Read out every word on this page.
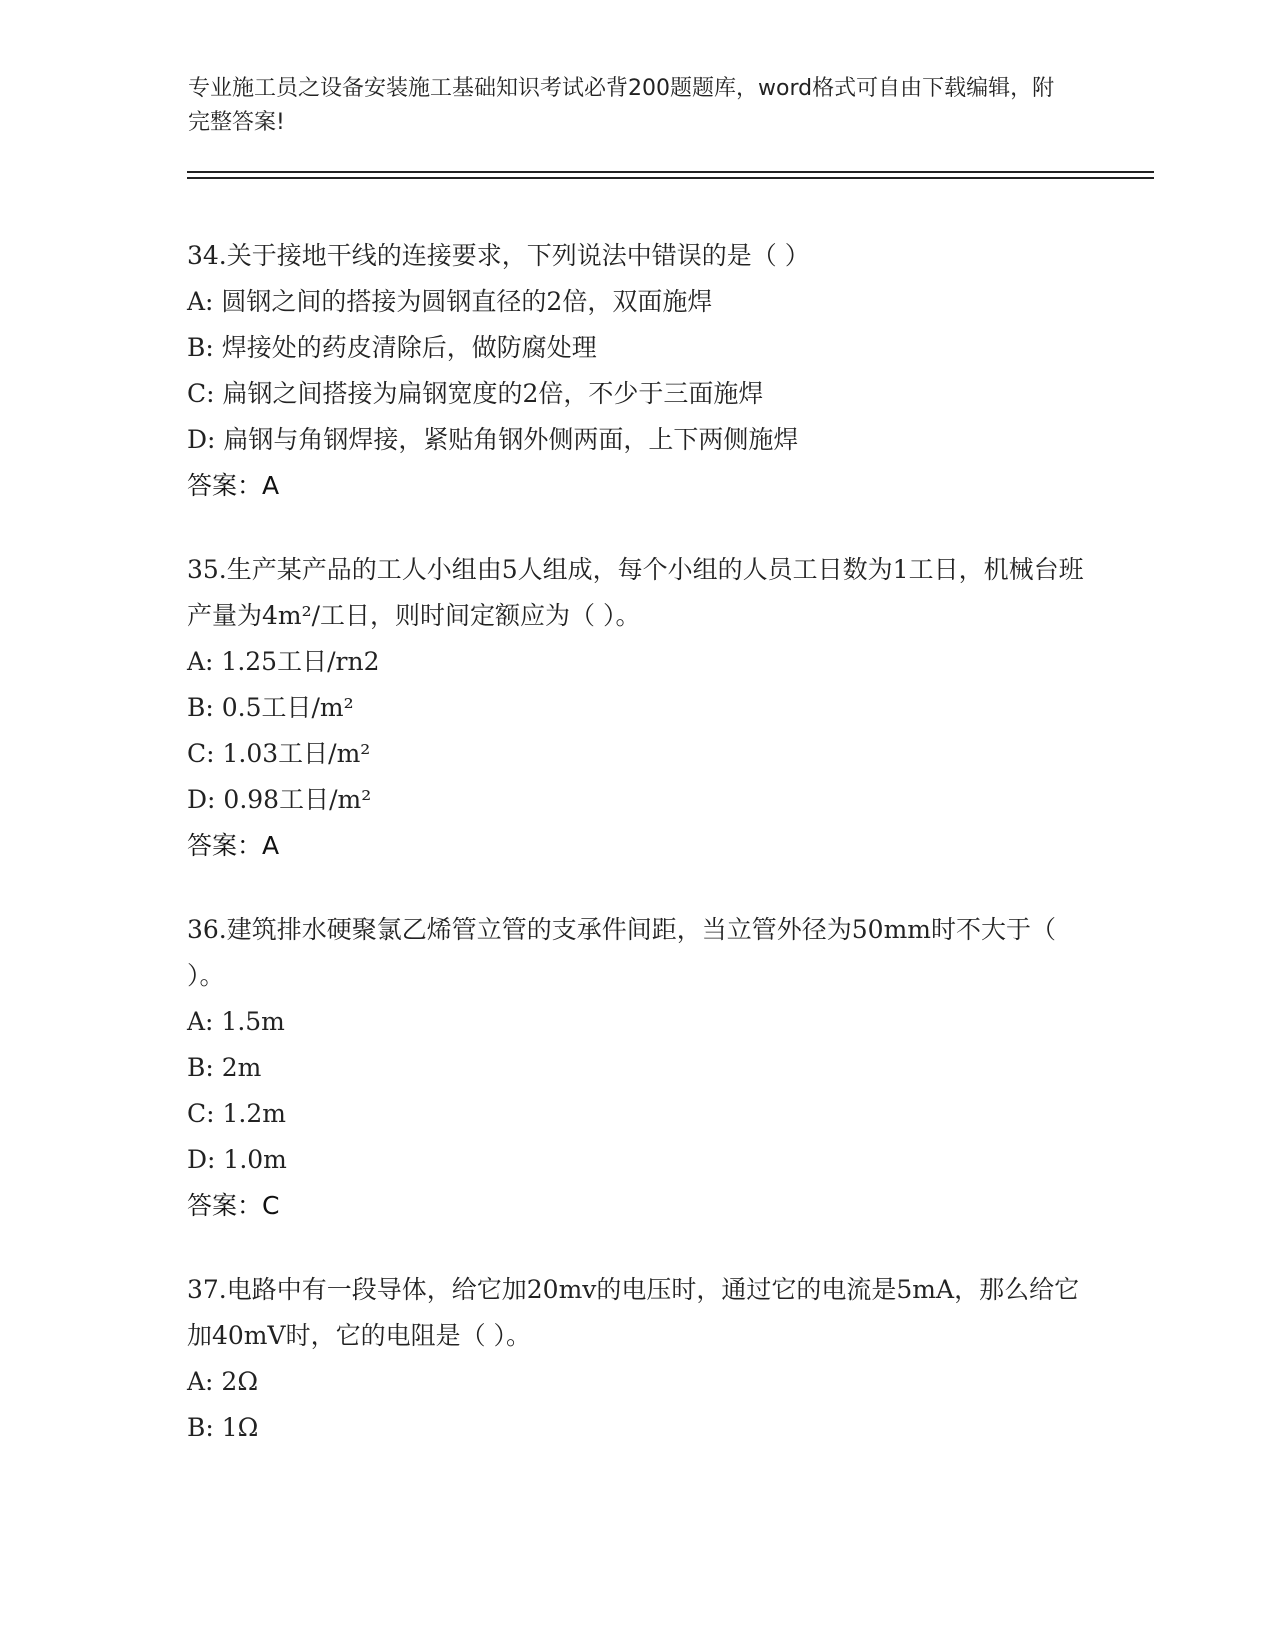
专业施工员之设备安装施工基础知识考试必背200题题库，word格式可自由下载编辑，附完整答案!
34.关于接地干线的连接要求，下列说法中错误的是（ ）
A: 圆钢之间的搭接为圆钢直径的2倍，双面施焊
B: 焊接处的药皮清除后，做防腐处理
C: 扁钢之间搭接为扁钢宽度的2倍，不少于三面施焊
D: 扁钢与角钢焊接，紧贴角钢外侧两面，上下两侧施焊
答案：A
35.生产某产品的工人小组由5人组成，每个小组的人员工日数为1工日，机械台班产量为4m²/工日，则时间定额应为（ ）。
A: 1.25工日/rn2
B: 0.5工日/m²
C: 1.03工日/m²
D: 0.98工日/m²
答案：A
36.建筑排水硬聚氯乙烯管立管的支承件间距，当立管外径为50mm时不大于（ ）。
A: 1.5m
B: 2m
C: 1.2m
D: 1.0m
答案：C
37.电路中有一段导体，给它加20mv的电压时，通过它的电流是5mA，那么给它加40mV时，它的电阻是（ ）。
A: 2Ω
B: 1Ω
